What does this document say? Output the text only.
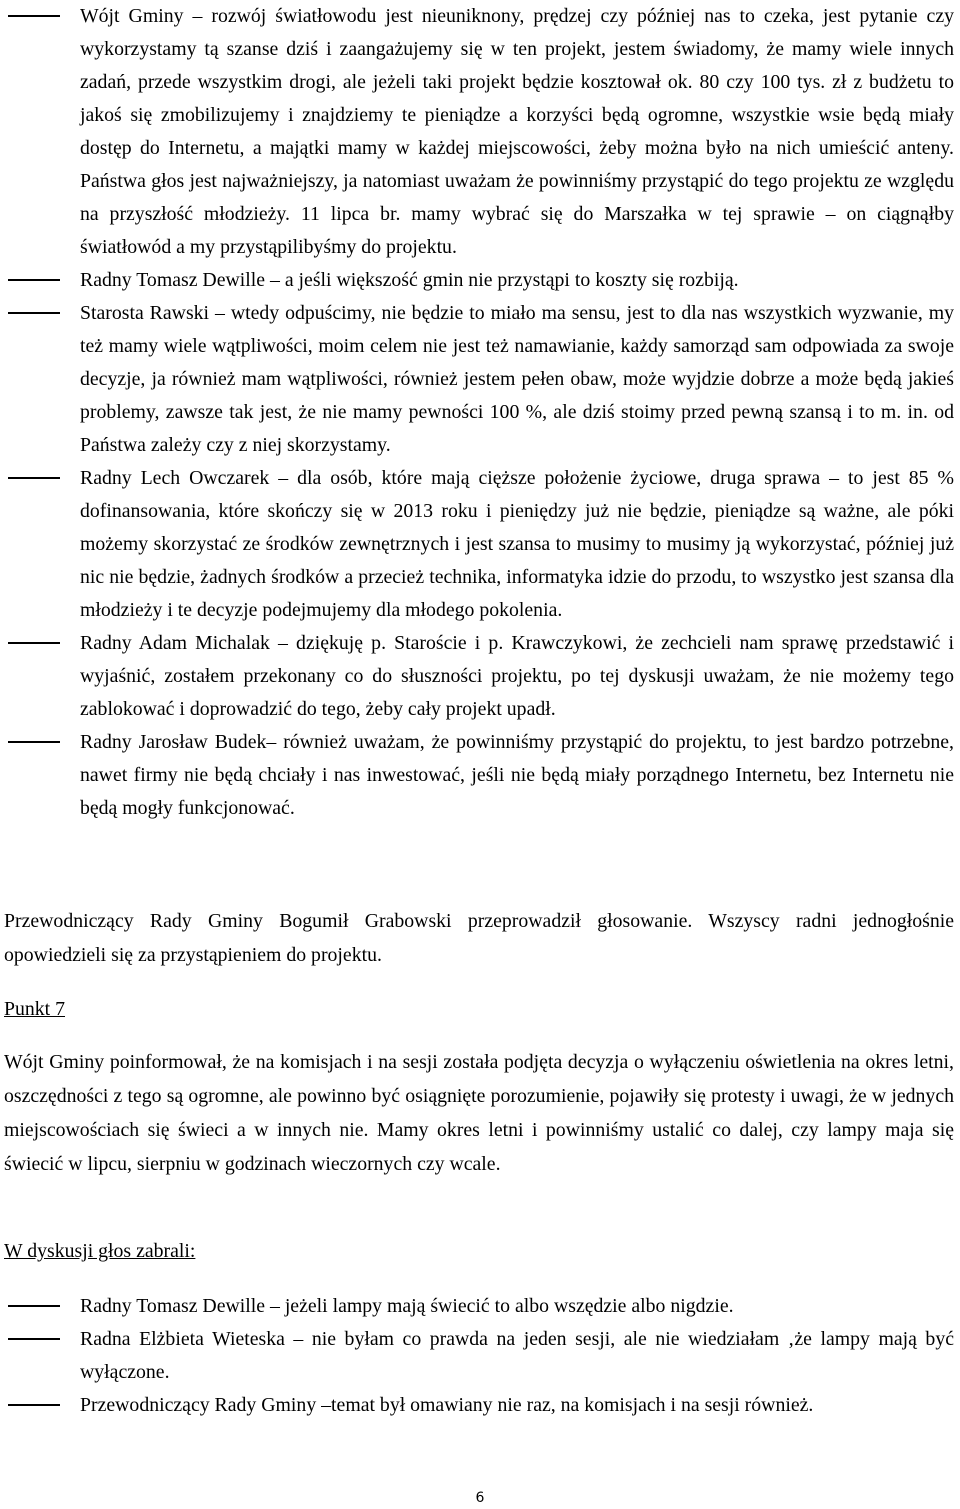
Wójt Gminy – rozwój światłowodu jest nieuniknony, prędzej czy później nas to czeka, jest pytanie czy wykorzystamy tą szanse dziś i zaangażujemy się w ten projekt, jestem świadomy, że mamy wiele innych zadań, przede wszystkim drogi, ale jeżeli taki projekt będzie kosztował ok. 80 czy 100 tys. zł z budżetu to jakoś się zmobilizujemy i znajdziemy te pieniądze a korzyści będą ogromne, wszystkie wsie będą miały dostęp do Internetu, a majątki mamy w każdej miejscowości, żeby można było na nich umieścić anteny. Państwa głos jest najważniejszy, ja natomiast uważam że powinniśmy przystąpić do tego projektu ze względu na przyszłość młodzieży. 11 lipca br. mamy wybrać się do Marszałka w tej sprawie – on ciągnąłby światłowód a my przystąpilibyśmy do projektu.
Radny Tomasz Dewille – a jeśli większość gmin nie przystąpi to koszty się rozbiją.
Starosta Rawski – wtedy odpuścimy, nie będzie to miało ma sensu, jest to dla nas wszystkich wyzwanie, my też mamy wiele wątpliwości, moim celem nie jest też namawianie, każdy samorząd sam odpowiada za swoje decyzje, ja również mam wątpliwości, również jestem pełen obaw, może wyjdzie dobrze a może będą jakieś problemy, zawsze tak jest, że nie mamy pewności 100 %, ale dziś stoimy przed pewną szansą i to m. in. od Państwa zależy czy z niej skorzystamy.
Radny Lech Owczarek – dla osób, które mają cięższe położenie życiowe, druga sprawa – to jest 85 % dofinansowania, które skończy się w 2013 roku i pieniędzy już nie będzie, pieniądze są ważne, ale póki możemy skorzystać ze środków zewnętrznych i jest szansa to musimy to musimy ją wykorzystać, później już nic nie będzie, żadnych środków a przecież technika, informatyka idzie do przodu, to wszystko jest szansa dla młodzieży i te decyzje podejmujemy dla młodego pokolenia.
Radny Adam Michalak – dziękuję p. Staroście i p. Krawczykowi, że zechcieli nam sprawę przedstawić i wyjaśnić, zostałem przekonany co do słuszności projektu, po tej dyskusji uważam, że nie możemy tego zablokować i doprowadzić do tego, żeby cały projekt upadł.
Radny Jarosław Budek– również uważam, że powinniśmy przystąpić do projektu, to jest bardzo potrzebne, nawet firmy nie będą chciały i nas inwestować, jeśli nie będą miały porządnego Internetu, bez Internetu nie będą mogły funkcjonować.

Przewodniczący Rady Gminy Bogumił Grabowski przeprowadził głosowanie. Wszyscy radni jednogłośnie opowiedzieli się za przystąpieniem do projektu.

Punkt 7

Wójt Gminy poinformował, że na komisjach i na sesji została podjęta decyzja o wyłączeniu oświetlenia na okres letni, oszczędności z tego są ogromne, ale powinno być osiągnięte porozumienie, pojawiły się protesty i uwagi, że w jednych miejscowościach się świeci a w innych nie. Mamy okres letni i powinniśmy ustalić co dalej, czy lampy maja się świecić w lipcu, sierpniu w godzinach wieczornych czy wcale.

W dyskusji głos zabrali:

Radny Tomasz Dewille – jeżeli lampy mają świecić to albo wszędzie albo nigdzie.
Radna Elżbieta Wieteska – nie byłam co prawda na jeden sesji, ale nie wiedziałam ‚że lampy mają być wyłączone.
Przewodniczący Rady Gminy –temat był omawiany nie raz, na komisjach i na sesji również.
6
